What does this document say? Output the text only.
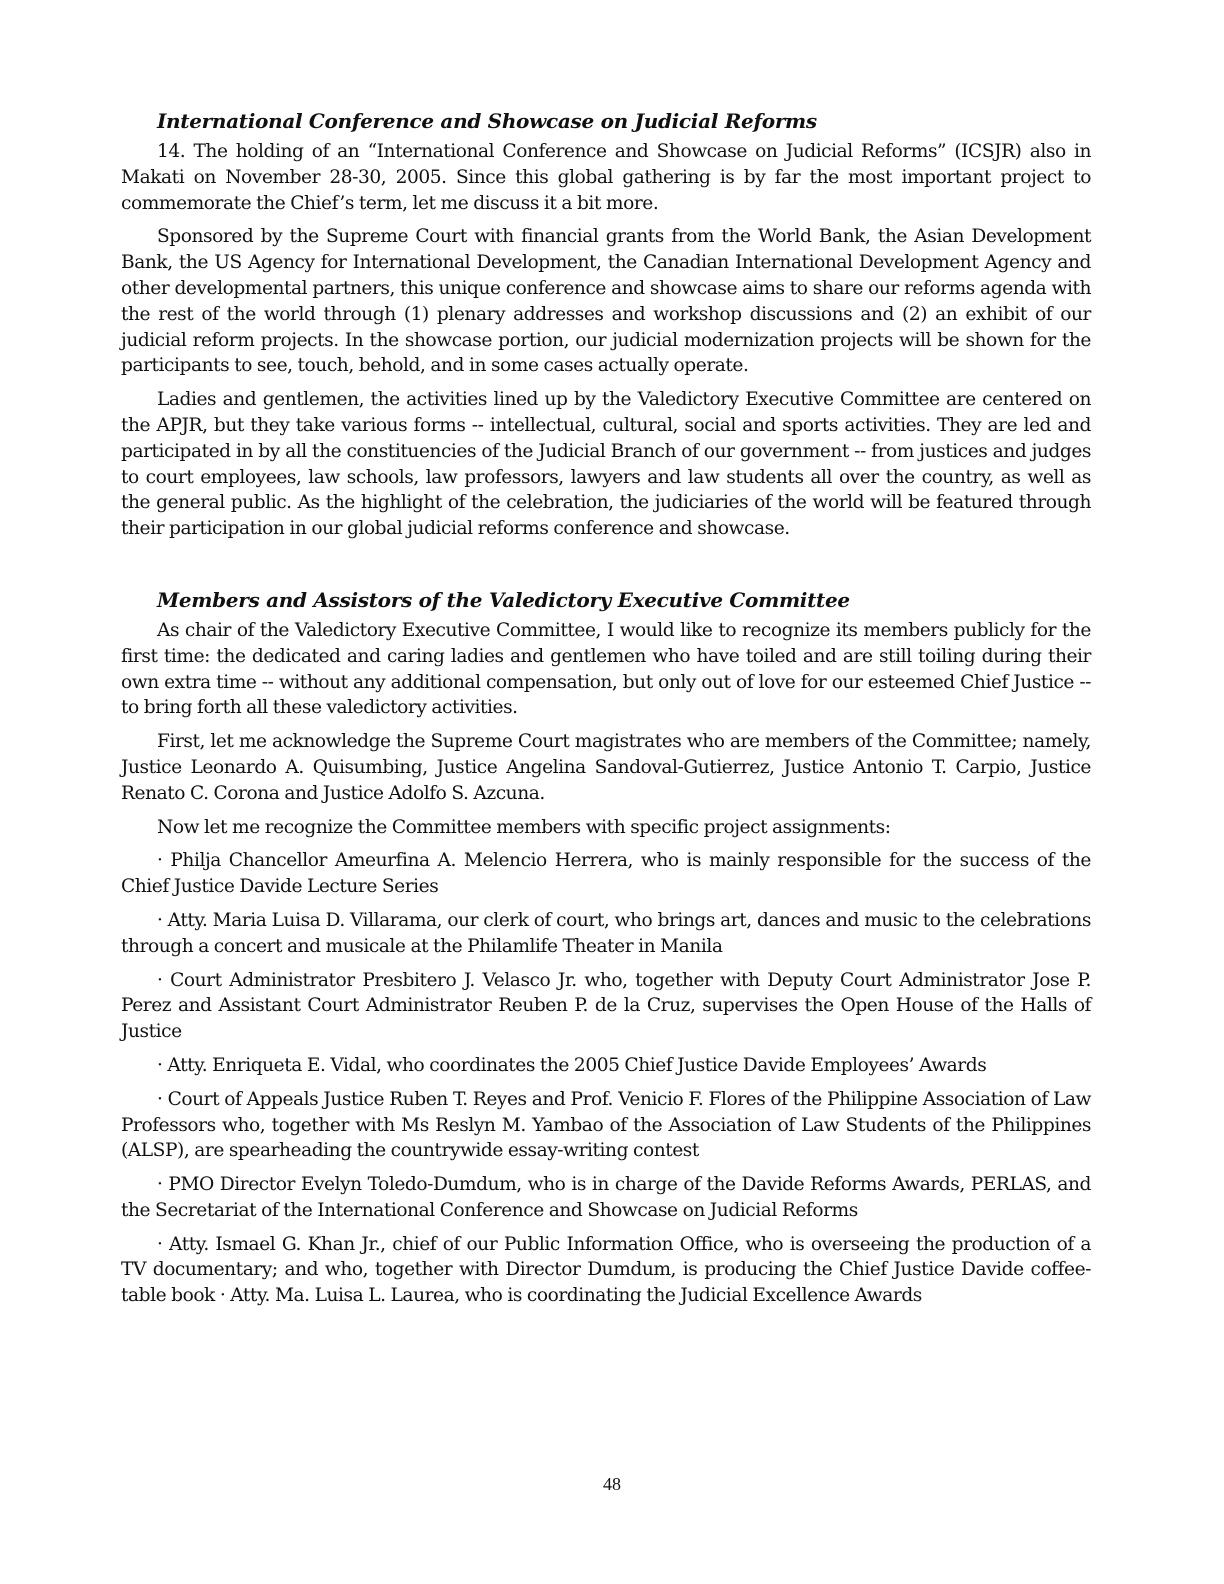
International Conference and Showcase on Judicial Reforms

14. The holding of an “International Conference and Showcase on Judicial Reforms” (ICSJR) also in Makati on November 28-30, 2005. Since this global gathering is by far the most important project to commemorate the Chief’s term, let me discuss it a bit more.

Sponsored by the Supreme Court with financial grants from the World Bank, the Asian Development Bank, the US Agency for International Development, the Canadian International Development Agency and other developmental partners, this unique conference and showcase aims to share our reforms agenda with the rest of the world through (1) plenary addresses and workshop discussions and (2) an exhibit of our judicial reform projects. In the showcase portion, our judicial modernization projects will be shown for the participants to see, touch, behold, and in some cases actually operate.

Ladies and gentlemen, the activities lined up by the Valedictory Executive Committee are centered on the APJR, but they take various forms -- intellectual, cultural, social and sports activities. They are led and participated in by all the constituencies of the Judicial Branch of our government -- from justices and judges to court employees, law schools, law professors, lawyers and law students all over the country, as well as the general public. As the highlight of the celebration, the judiciaries of the world will be featured through their participation in our global judicial reforms conference and showcase.

Members and Assistors of the Valedictory Executive Committee

As chair of the Valedictory Executive Committee, I would like to recognize its members publicly for the first time: the dedicated and caring ladies and gentlemen who have toiled and are still toiling during their own extra time -- without any additional compensation, but only out of love for our esteemed Chief Justice -- to bring forth all these valedictory activities.

First, let me acknowledge the Supreme Court magistrates who are members of the Committee; namely, Justice Leonardo A. Quisumbing, Justice Angelina Sandoval-Gutierrez, Justice Antonio T. Carpio, Justice Renato C. Corona and Justice Adolfo S. Azcuna.

Now let me recognize the Committee members with specific project assignments:

· Philja Chancellor Ameurfina A. Melencio Herrera, who is mainly responsible for the success of the Chief Justice Davide Lecture Series

· Atty. Maria Luisa D. Villarama, our clerk of court, who brings art, dances and music to the celebrations through a concert and musicale at the Philamlife Theater in Manila

· Court Administrator Presbitero J. Velasco Jr. who, together with Deputy Court Administrator Jose P. Perez and Assistant Court Administrator Reuben P. de la Cruz, supervises the Open House of the Halls of Justice

· Atty. Enriqueta E. Vidal, who coordinates the 2005 Chief Justice Davide Employees’ Awards

· Court of Appeals Justice Ruben T. Reyes and Prof. Venicio F. Flores of the Philippine Association of Law Professors who, together with Ms Reslyn M. Yambao of the Association of Law Students of the Philippines (ALSP), are spearheading the countrywide essay-writing contest

· PMO Director Evelyn Toledo-Dumdum, who is in charge of the Davide Reforms Awards, PERLAS, and the Secretariat of the International Conference and Showcase on Judicial Reforms

· Atty. Ismael G. Khan Jr., chief of our Public Information Office, who is overseeing the production of a TV documentary; and who, together with Director Dumdum, is producing the Chief Justice Davide coffee-table book · Atty. Ma. Luisa L. Laurea, who is coordinating the Judicial Excellence Awards

48
